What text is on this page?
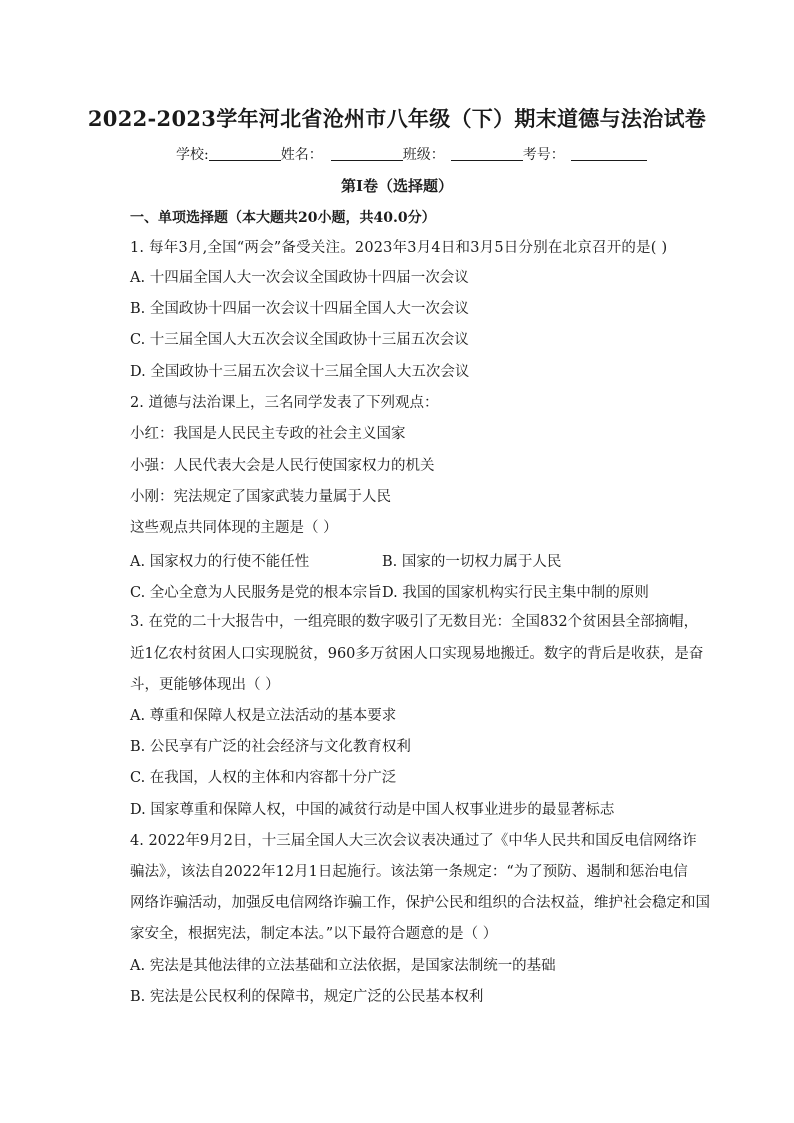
2022-2023学年河北省沧州市八年级（下）期末道德与法治试卷
学校:	姓名：	班级：	考号：
第Ⅰ卷（选择题）
一、单项选择题（本大题共20小题，共40.0分）
1. 每年3月,全国“两会”备受关注。2023年3月4日和3月5日分别在北京召开的是( )
A. 十四届全国人大一次会议全国政协十四届一次会议
B. 全国政协十四届一次会议十四届全国人大一次会议
C. 十三届全国人大五次会议全国政协十三届五次会议
D. 全国政协十三届五次会议十三届全国人大五次会议
2. 道德与法治课上，三名同学发表了下列观点：
小红：我国是人民民主专政的社会主义国家
小强：人民代表大会是人民行使国家权力的机关
小刚：宪法规定了国家武装力量属于人民
这些观点共同体现的主题是（ ）
A. 国家权力的行使不能任性	B. 国家的一切权力属于人民
C. 全心全意为人民服务是党的根本宗旨 D. 我国的国家机构实行民主集中制的原则
3. 在党的二十大报告中，一组亮眼的数字吸引了无数目光：全国832个贫困县全部摘帽，
近1亿农村贫困人口实现脱贫，960多万贫困人口实现易地搬迁。数字的背后是收获，是奋
斗，更能够体现出（ ）
A. 尊重和保障人权是立法活动的基本要求
B. 公民享有广泛的社会经济与文化教育权利
C. 在我国，人权的主体和内容都十分广泛
D. 国家尊重和保障人权，中国的减贫行动是中国人权事业进步的最显著标志
4. 2022年9月2日，十三届全国人大三次会议表决通过了《中华人民共和国反电信网络诈
骗法》，该法自2022年12月1日起施行。该法第一条规定：“为了预防、遏制和惩治电信
网络诈骗活动，加强反电信网络诈骗工作，保护公民和组织的合法权益，维护社会稳定和国
家安全，根据宪法，制定本法。”以下最符合题意的是（ ）
A. 宪法是其他法律的立法基础和立法依据，是国家法制统一的基础
B. 宪法是公民权利的保障书，规定广泛的公民基本权利
